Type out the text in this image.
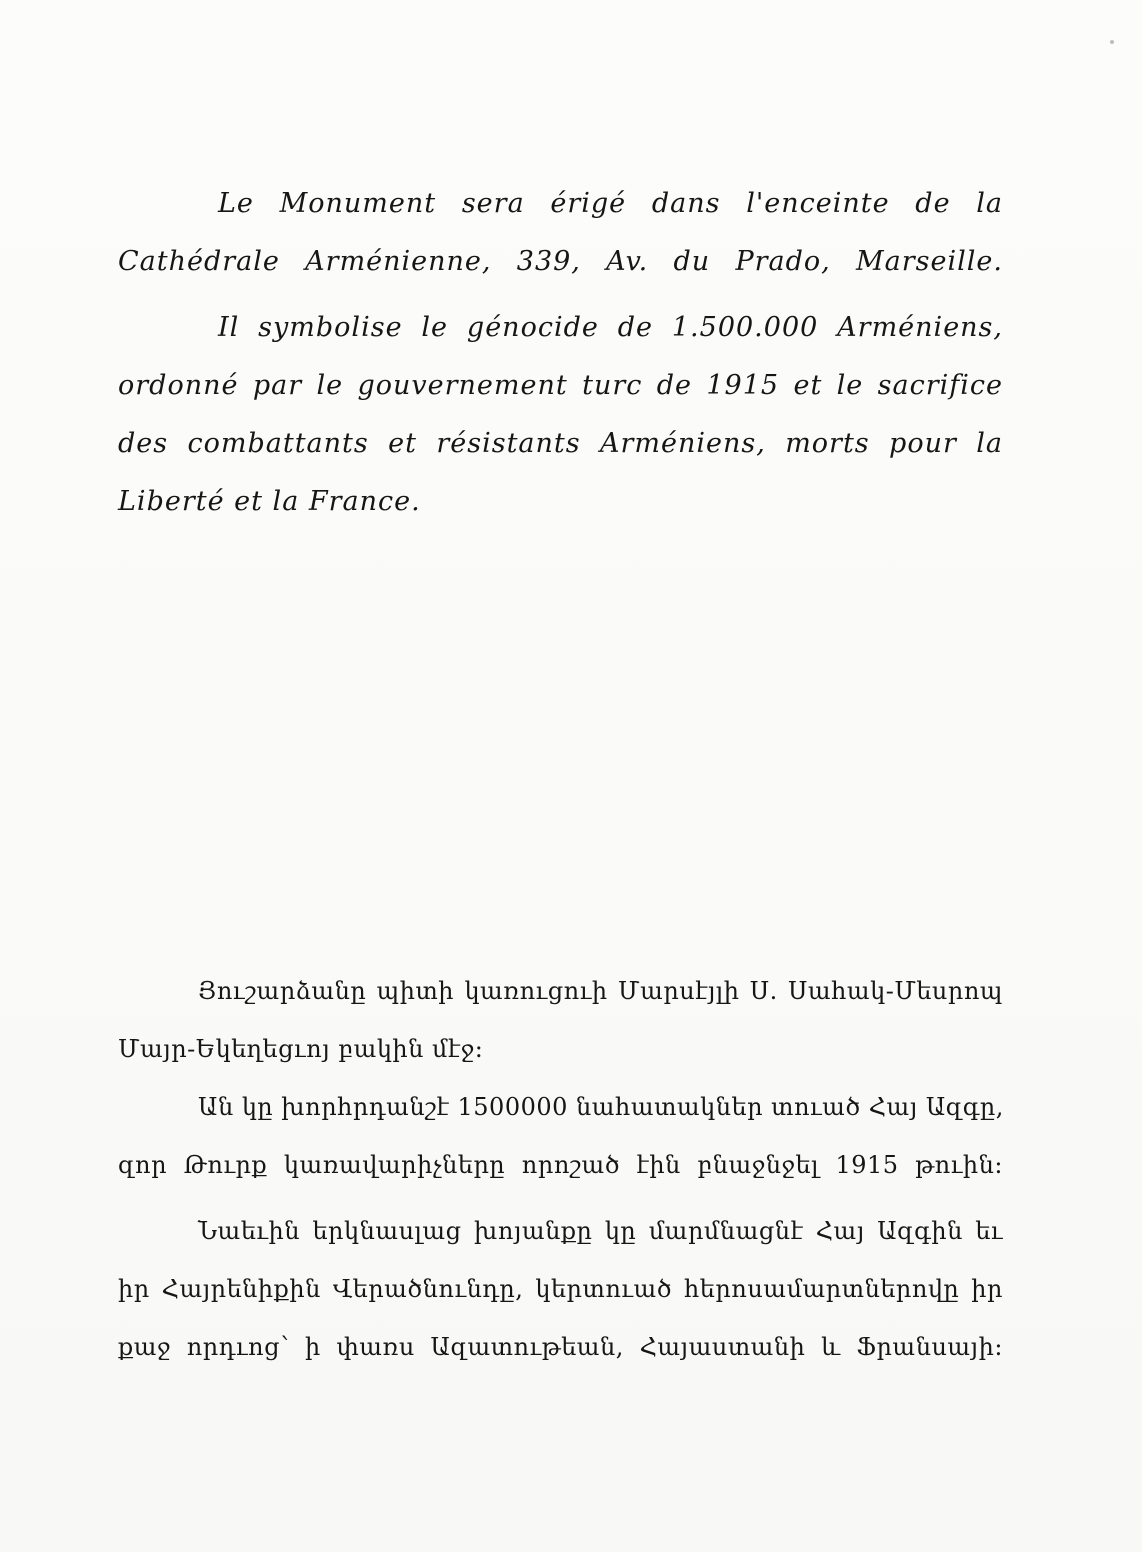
Le Monument sera érigé dans l'enceinte de la
Cathédrale Arménienne, 339, Av. du Prado, Marseille.
Il symbolise le génocide de 1.500.000 Arméniens,
ordonné par le gouvernement turc de 1915 et le sacrifice
des combattants et résistants Arméniens, morts pour la
Liberté et la France.
Յուշարձանը պիտի կառուցուի Մարսէյլի Ս. Սահակ-Մեսրոպ
Մայր-Եկեղեցւոյ բակին մէջ։
Ան կը խորհրդանշէ 1500000 նահատակներ տուած Հայ Ազգը,
զոր Թուրք կառավարիչները որոշած էին բնաջնջել 1915 թուին։
Նաեւին երկնասլաց խոյանքը կը մարմնացնէ Հայ Ազգին եւ
իր Հայրենիքին Վերածնունդը, կերտուած հերոսամարտներովը իր
քաջ որդւոց՝ ի փառս Ազատութեան, Հայաստանի և Ֆրանսայի։
